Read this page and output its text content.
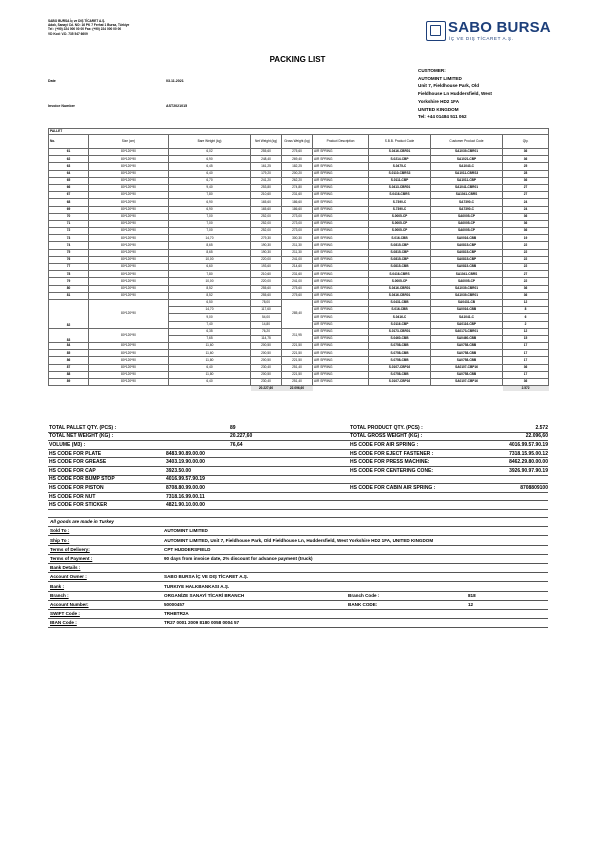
SABO BURSA İç ve DIŞ TİCARET A.Ş.
Adalı, Sanayi Cd. NO: 16 PK 7 Ferhat 1 Bursa, Türkiye
Tel : (+90) 224 000 00 00 Fax: (+90) 224 000 00 00
VD Kod: V.D. 735 547 6609	SABO BURSA
İÇ VE DIŞ TİCARET A.Ş.
PACKING LIST
Date	03.11.2021
Invoice Number	AST2021015
CUSTOMER:
AUTOMINT LIMITED
Unit 7, Fieldhouse Park, Old
Fieldhouse Ln Huddersfield, West
Yorkshire HD2 1FA
UNITED KINGDOM
Tel: +44 01484 511 062
PALLET								
No.	Size (cm)	Bare Weight (kg)	Net Weight (kg)	Gross Weight (kg)	Product Description	S.B.B. Product Code	Customer Product Code	Qty.
61	80*120*90	6,02	255,60	275,60	AIR SPRING	S.0416-CBR01	SA1039-CBR01	36
62	80*120*90	6,90	248,40	269,40	AIR SPRING	S.0214-CBP	SA1021-CBP	36
63	80*120*90	6,45	161,25	182,25	AIR SPRING	S.0475-C	SA1043-C	25
64	80*120*90	6,40	179,20	200,20	AIR SPRING	S.0110-CBRS3	SA1011-CBRS3	28
65	80*120*90	6,70	241,20	262,20	AIR SPRING	S.0111-CBP	SA1011-CBP	36
66	80*120*90	9,40	253,80	274,80	AIR SPRING	S.0413-CBR01	SA1041-CBR01	27
67	80*120*90	7,80	210,60	231,60	AIR SPRING	S.0416-CBRS	SA1041-CBRS	27
68	80*120*90	6,90	165,60	186,60	AIR SPRING	S.7390-C	SA7390-C	24
69	80*120*90	6,90	165,60	186,60	AIR SPRING	S.7390-C	SA7390-C	24
70	80*120*90	7,00	252,00	273,00	AIR SPRING	S.0005-CP	SA0005-CP	36
71	80*120*90	7,00	252,00	273,00	AIR SPRING	S.0005-CP	SA0005-CP	36
72	80*120*90	7,00	252,00	273,00	AIR SPRING	S.0005-CP	SA0005-CP	36
73	80*120*90	14,70	279,30	300,30	AIR SPRING	S.016-CBB	SA0016-CBB	19
74	80*120*90	8,65	190,30	211,30	AIR SPRING	S.0815-CBP	SA0815-CBP	22
75	80*120*90	8,65	190,30	211,30	AIR SPRING	S.0815-CBP	SA0815-CBP	22
76	80*120*90	10,00	220,00	241,00	AIR SPRING	S.0815-CBP	SA0815-CBP	22
77	80*120*90	6,60	193,60	214,60	AIR SPRING	S.0815-CBB	SA0815-CBB	22
78	80*120*90	7,80	210,60	231,60	AIR SPRING	S.0416-CBRS	SA1041-CBRS	27
79	80*120*90	10,00	220,00	241,00	AIR SPRING	S.0005-CP	SA0005-CP	22
80	80*120*90	8,52	255,60	275,60	AIR SPRING	S.0416-CBR01	SA1039-CBR01	36
81	80*120*90	8,52	255,60	275,60	AIR SPRING	S.0416-CBR01	SA1039-CBR01	36
82	80*120*90	6,50	78,00	285,40	AIR SPRING	S.0431-CBB	SA0431-CB	12
		14,70	117,60		AIR SPRING	S.016-CBB	SA0016-CBB	8
		9,00	54,00		AIR SPRING	S.0416-C	SA1041-C	6
		7,40	14,80		AIR SPRING	S.0116-CBP	SA0116-CBP	2
83	80*120*90	6,35	76,20	211,95	AIR SPRING	S.0173-CBR01	SA0173-CBR01	12
		7,65	114,75		AIR SPRING	S.0460-CBB	SA0460-CBB	15
84	80*120*90	11,60	200,50	221,50	AIR SPRING	S.0758-CBB	SA0758-CBB	17
85	80*120*90	11,60	200,50	221,50	AIR SPRING	S.0758-CBB	SA0758-CBB	17
86	80*120*90	11,80	200,50	221,50	AIR SPRING	S.0758-CBB	SA0758-CBB	17
87	80*120*90	6,40	230,40	251,40	AIR SPRING	S.0107-CBP16	SA0107-CBP16	36
88	80*120*90	11,80	200,50	221,50	AIR SPRING	S.0758-CBB	SA0758-CBB	17
89	80*120*90	6,40	230,40	251,40	AIR SPRING	S.0107-CBP16	SA0107-CBP16	36
			20.227,60	22.096,60				2.572
TOTAL PALLET QTY. (PCS) :	89	TOTAL PRODUCT QTY. (PCS) :	2.572
TOTAL NET WEIGHT (KG) :	20.227,60	TOTAL GROSS WEIGHT (KG) :	22.096,60
VOLUME (M3) :	76,64	HS CODE FOR AIR SPRING :	4016.99.57.90.19
HS CODE FOR PLATE	8483.90.89.00.00	HS CODE FOR EJECT FASTENER :	7318.15.95.00.12
HS CODE FOR GREASE	3403.19.90.00.00	HS CODE FOR PRESS MACHINE:	8462.29.80.00.00
HS CODE FOR CAP	3923.50.00	HS CODE FOR CENTERING CONE:	3926.90.97.90.19
HS CODE FOR BUMP STOP	4016.99.57.90.19
HS CODE FOR PISTON	8708.80.99.00.00	HS CODE FOR CABIN AIR SPRING :	8708809100
HS CODE FOR NUT	7318.16.99.00.11
HS CODE FOR STICKER	4821.90.10.00.00
All goods are made in Turkey
Sold To :	AUTOMINT LIMITED
Ship To :	AUTOMINT LIMITED, Unit 7, Fieldhouse Park, Old Fieldhouse Ln, Huddersfield, West Yorkshire HD2 1FA, UNITED KINGDOM
Terms of Delivery:	CPT HUDDERSFIELD
Terms of Payment :	90 days from invoice date, 2% discount for advance payment (truck)
Bank Details :
Account Owner :	SABO BURSA İÇ VE DIŞ TİCARET A.Ş.
Bank :	TURKIYE HALKBANKASI A.Ş.
Branch :	ORGANİZE SANAYİ TİCARİ BRANCH	Branch Code :	818
Account Number:	50000457	BANK CODE:	12
SWIFT Code :	TRHBTR2A
IBAN Code :	TR27 0001 2009 8180 0058 0004 57
